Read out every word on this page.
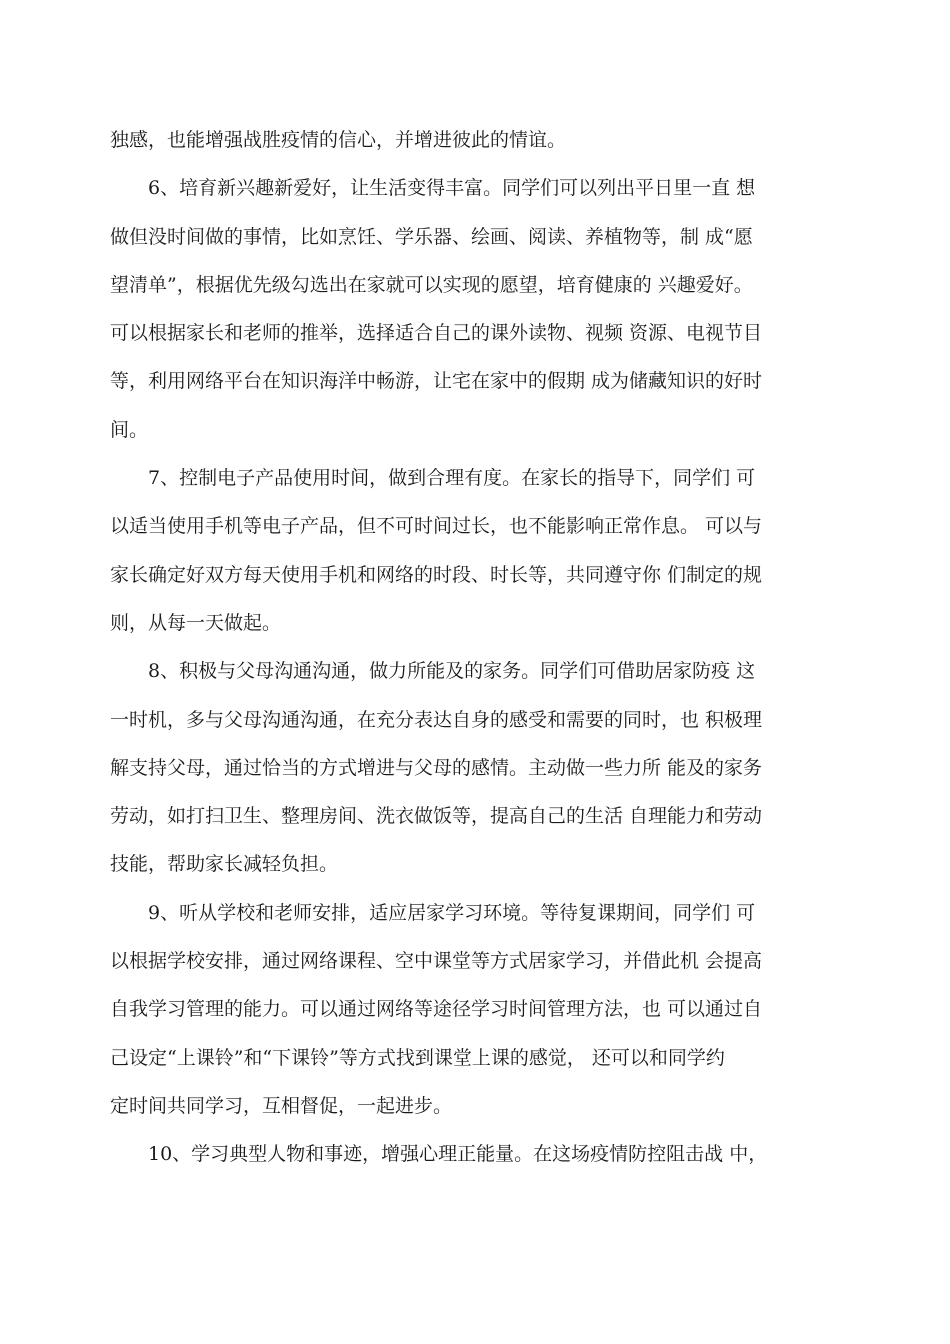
独感，也能增强战胜疫情的信心，并增进彼此的情谊。
6、培育新兴趣新爱好，让生活变得丰富。同学们可以列出平日里一直 想
做但没时间做的事情，比如烹饪、学乐器、绘画、阅读、养植物等，制 成“愿
望清单”，根据优先级勾选出在家就可以实现的愿望，培育健康的 兴趣爱好。
可以根据家长和老师的推举，选择适合自己的课外读物、视频 资源、电视节目
等，利用网络平台在知识海洋中畅游，让宅在家中的假期 成为储藏知识的好时
间。
7、控制电子产品使用时间，做到合理有度。在家长的指导下，同学们 可
以适当使用手机等电子产品，但不可时间过长，也不能影响正常作息。 可以与
家长确定好双方每天使用手机和网络的时段、时长等，共同遵守你 们制定的规
则，从每一天做起。
8、积极与父母沟通沟通，做力所能及的家务。同学们可借助居家防疫 这
一时机，多与父母沟通沟通，在充分表达自身的感受和需要的同时，也 积极理
解支持父母，通过恰当的方式增进与父母的感情。主动做一些力所 能及的家务
劳动，如打扫卫生、整理房间、洗衣做饭等，提高自己的生活 自理能力和劳动
技能，帮助家长减轻负担。
9、听从学校和老师安排，适应居家学习环境。等待复课期间，同学们 可
以根据学校安排，通过网络课程、空中课堂等方式居家学习，并借此机 会提高
自我学习管理的能力。可以通过网络等途径学习时间管理方法，也 可以通过自
己设定“上课铃”和“下课铃”等方式找到课堂上课的感觉， 还可以和同学约
定时间共同学习，互相督促，一起进步。
10、学习典型人物和事迹，增强心理正能量。在这场疫情防控阻击战 中，
